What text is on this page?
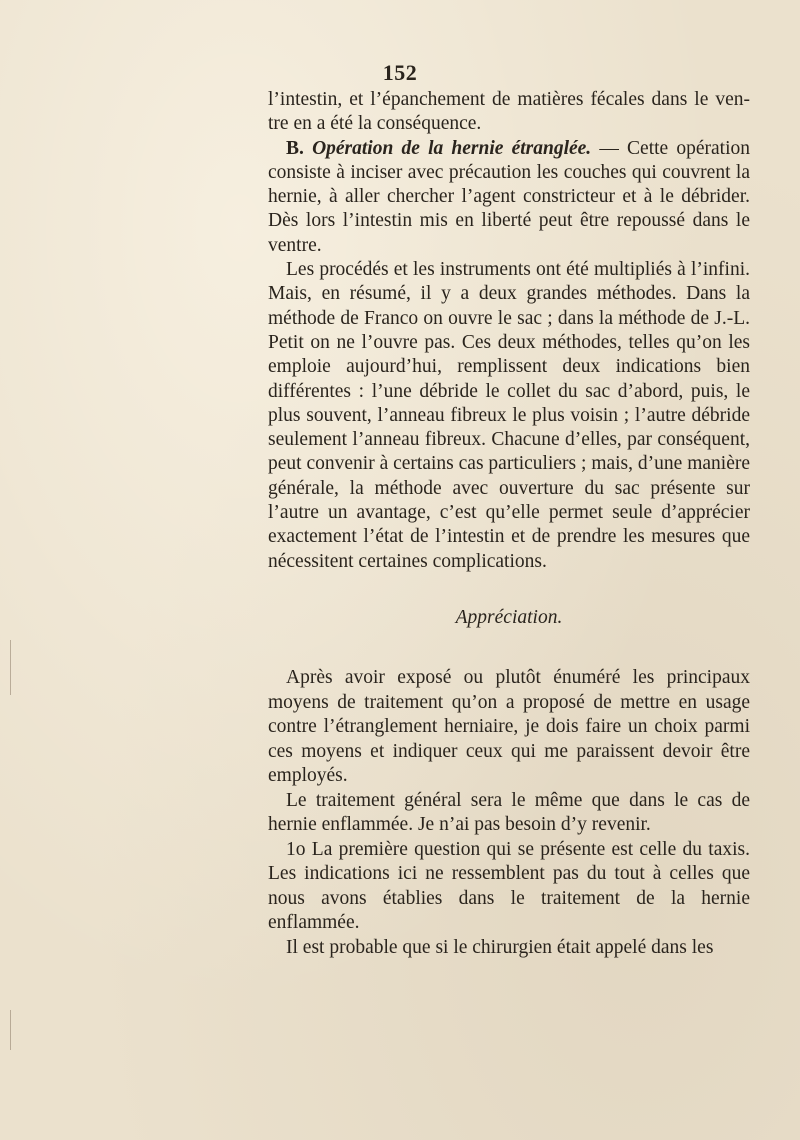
152

l’intestin, et l’épanchement de matières fécales dans le ven-tre en a été la conséquence.

B. Opération de la hernie étranglée. — Cette opération consiste à inciser avec précaution les couches qui couvrent la hernie, à aller chercher l’agent constricteur et à le débrider. Dès lors l’intestin mis en liberté peut être repoussé dans le ventre.

Les procédés et les instruments ont été multipliés à l’infini. Mais, en résumé, il y a deux grandes méthodes. Dans la méthode de Franco on ouvre le sac ; dans la méthode de J.-L. Petit on ne l’ouvre pas. Ces deux méthodes, telles qu’on les emploie aujourd’hui, remplissent deux indications bien différentes : l’une débride le collet du sac d’abord, puis, le plus souvent, l’anneau fibreux le plus voisin ; l’autre débride seulement l’anneau fibreux. Chacune d’elles, par conséquent, peut convenir à certains cas particuliers ; mais, d’une manière générale, la méthode avec ouverture du sac présente sur l’autre un avantage, c’est qu’elle permet seule d’apprécier exactement l’état de l’intestin et de prendre les mesures que nécessitent certaines complications.

Appréciation.

Après avoir exposé ou plutôt énuméré les principaux moyens de traitement qu’on a proposé de mettre en usage contre l’étranglement herniaire, je dois faire un choix parmi ces moyens et indiquer ceux qui me paraissent devoir être employés.

Le traitement général sera le même que dans le cas de hernie enflammée. Je n’ai pas besoin d’y revenir.

1o La première question qui se présente est celle du taxis. Les indications ici ne ressemblent pas du tout à celles que nous avons établies dans le traitement de la hernie enflammée.

Il est probable que si le chirurgien était appelé dans les
